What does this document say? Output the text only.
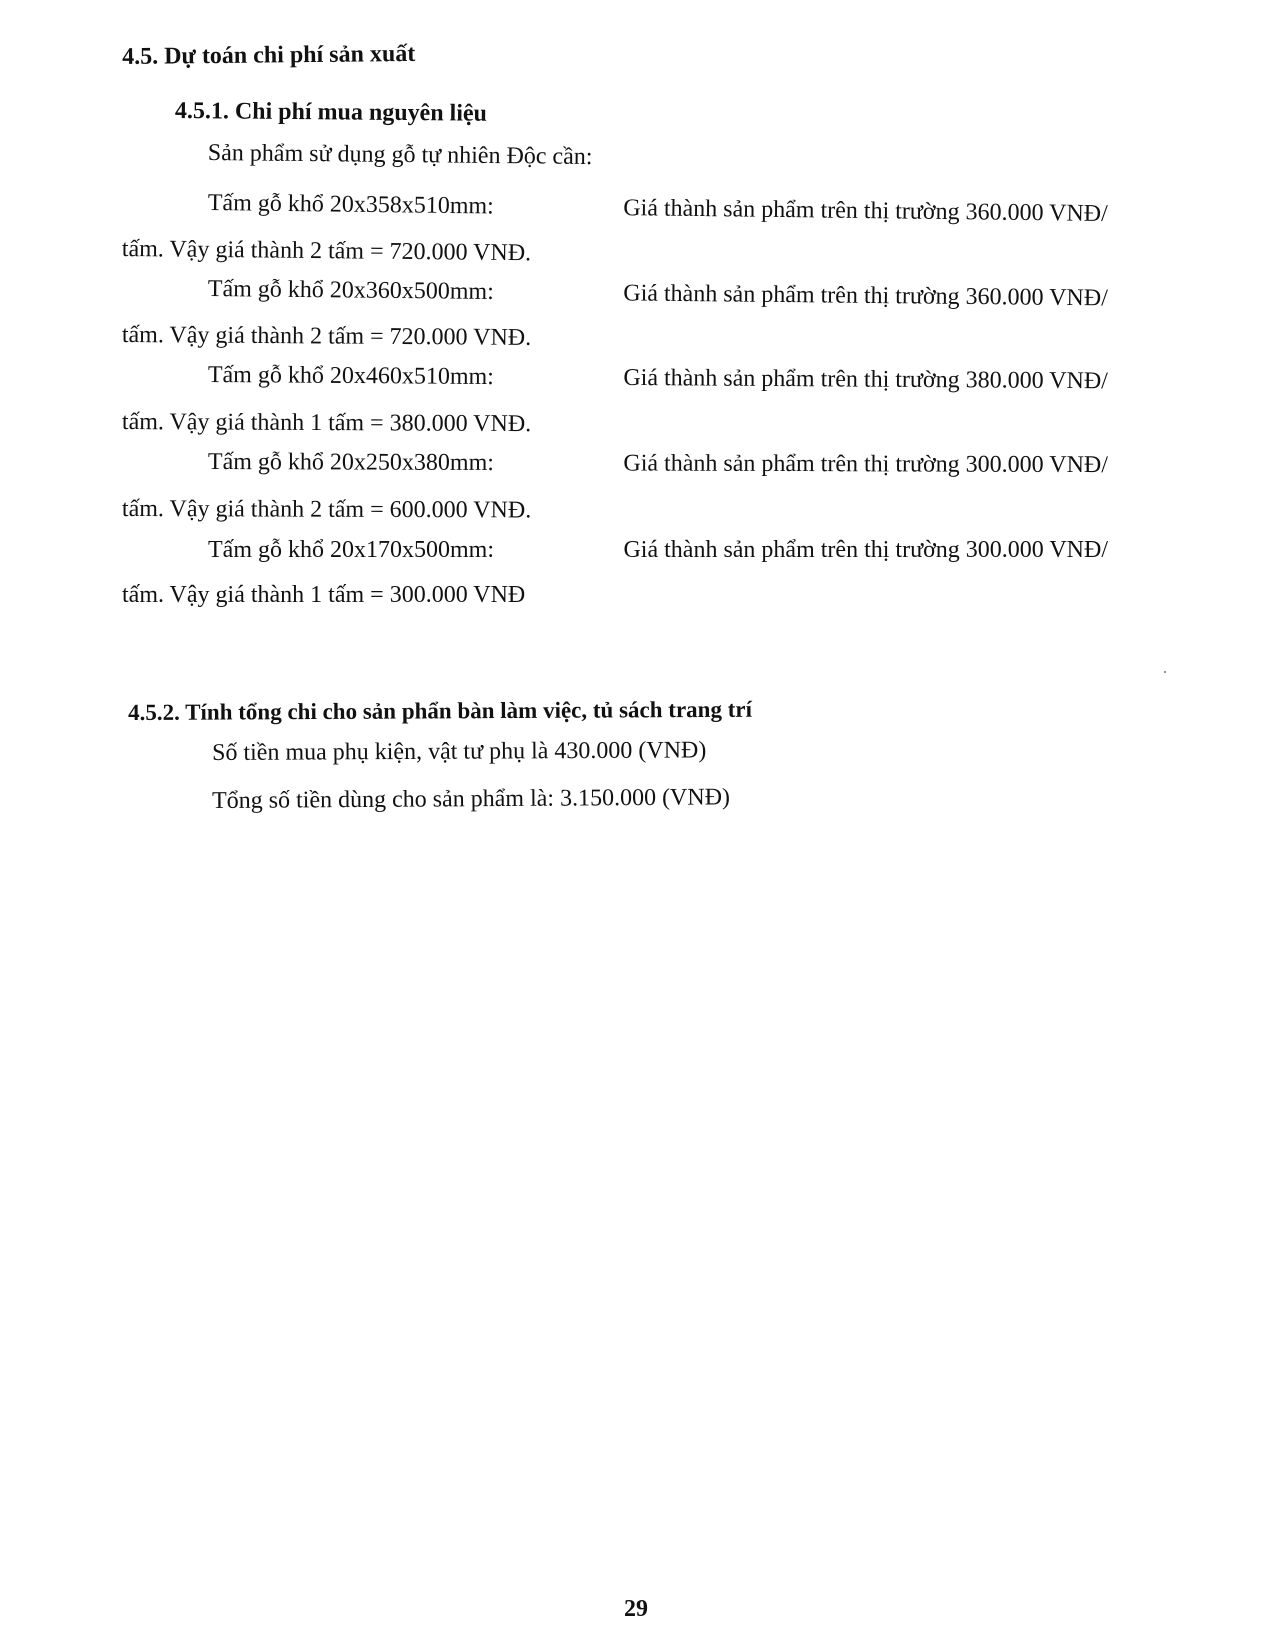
4.5. Dự toán chi phí sản xuất
4.5.1. Chi phí mua nguyên liệu
Sản phẩm sử dụng gỗ tự nhiên Độc cần:
Tấm gỗ khổ 20x358x510mm:	Giá thành sản phẩm trên thị trường 360.000 VNĐ/
tấm. Vậy giá thành 2 tấm = 720.000 VNĐ.
Tấm gỗ khổ 20x360x500mm:	Giá thành sản phẩm trên thị trường 360.000 VNĐ/
tấm. Vậy giá thành 2 tấm = 720.000 VNĐ.
Tấm gỗ khổ 20x460x510mm:	Giá thành sản phẩm trên thị trường 380.000 VNĐ/
tấm. Vậy giá thành 1 tấm = 380.000 VNĐ.
Tấm gỗ khổ 20x250x380mm:	Giá thành sản phẩm trên thị trường 300.000 VNĐ/
tấm. Vậy giá thành 2 tấm = 600.000 VNĐ.
Tấm gỗ khổ 20x170x500mm:	Giá thành sản phẩm trên thị trường 300.000 VNĐ/
tấm. Vậy giá thành 1 tấm = 300.000 VNĐ
4.5.2. Tính tổng chi cho sản phẩn bàn làm việc, tủ sách trang trí
Số tiền mua phụ kiện, vật tư phụ là 430.000 (VNĐ)
Tổng số tiền dùng cho sản phẩm là: 3.150.000 (VNĐ)
29
